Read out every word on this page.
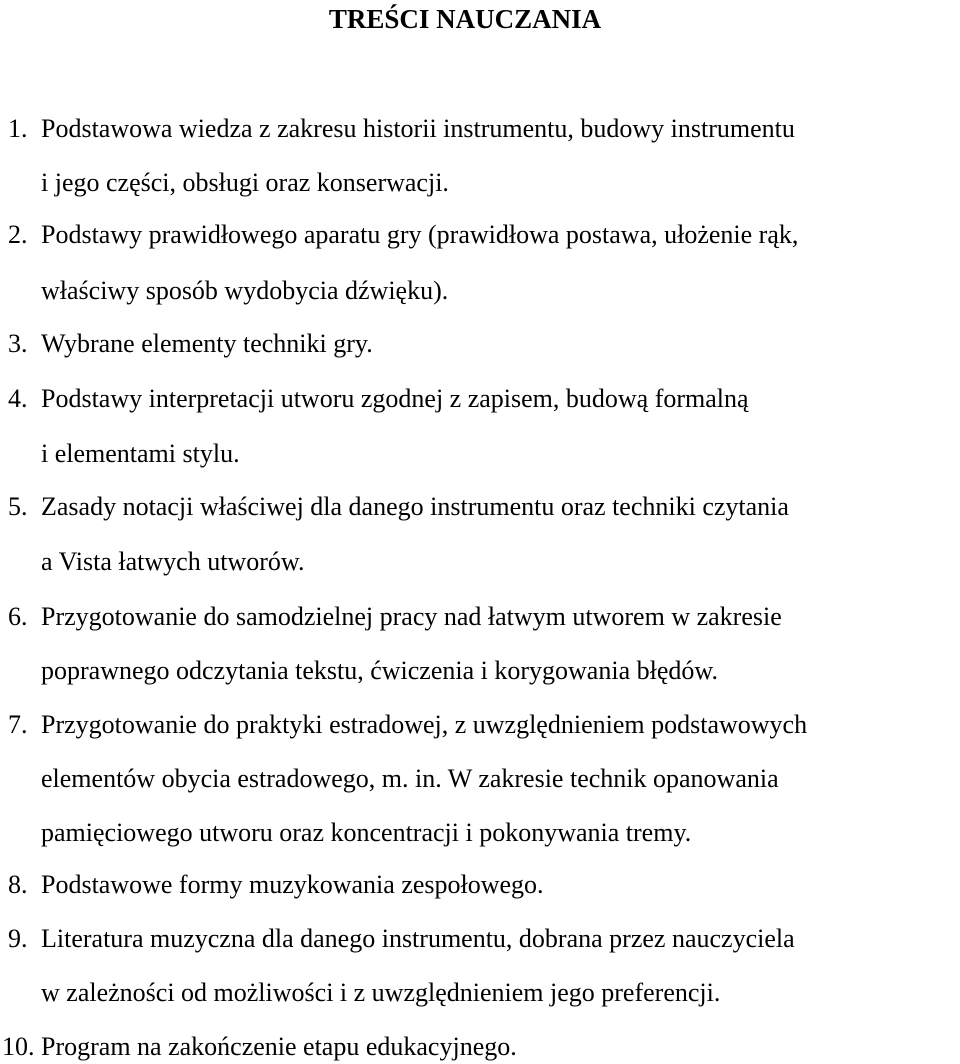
TREŚCI NAUCZANIA
1. Podstawowa wiedza z zakresu historii instrumentu, budowy instrumentu
i jego części, obsługi oraz konserwacji.
2. Podstawy prawidłowego aparatu gry (prawidłowa postawa, ułożenie rąk,
właściwy sposób wydobycia dźwięku).
3. Wybrane elementy techniki gry.
4. Podstawy interpretacji utworu zgodnej z zapisem, budową formalną
i elementami stylu.
5. Zasady notacji właściwej dla danego instrumentu oraz techniki czytania
a Vista łatwych utworów.
6. Przygotowanie do samodzielnej pracy nad łatwym utworem w zakresie
poprawnego odczytania tekstu, ćwiczenia i korygowania błędów.
7. Przygotowanie do praktyki estradowej, z uwzględnieniem podstawowych
elementów obycia estradowego, m. in. W zakresie technik opanowania
pamięciowego utworu oraz koncentracji i pokonywania tremy.
8. Podstawowe formy muzykowania zespołowego.
9. Literatura muzyczna dla danego instrumentu, dobrana przez nauczyciela
w zależności od możliwości i z uwzględnieniem jego preferencji.
10. Program na zakończenie etapu edukacyjnego.
